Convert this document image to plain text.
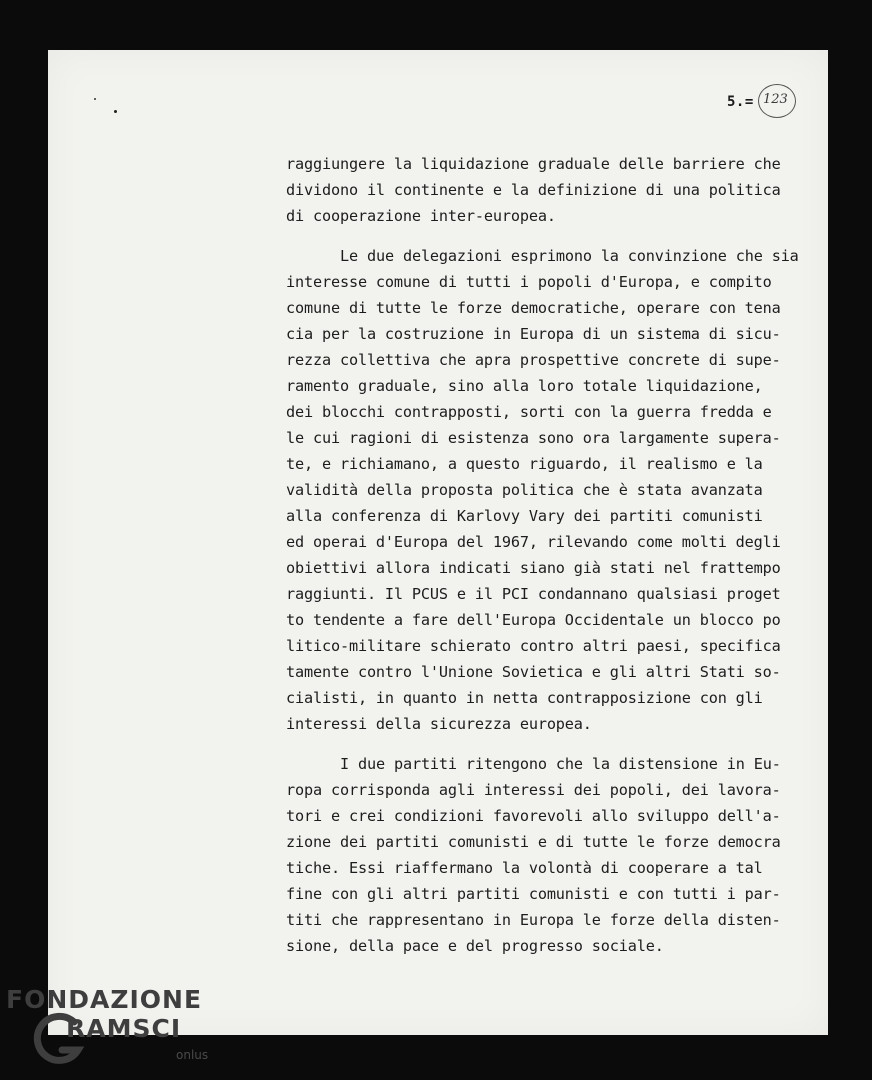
5.= 123
raggiungere la liquidazione graduale delle barriere che
dividono il continente e la definizione di una politica
di cooperazione inter-europea.
Le due delegazioni esprimono la convinzione che sia
interesse comune di tutti i popoli d'Europa, e compito
comune di tutte le forze democratiche, operare con tena
cia per la costruzione in Europa di un sistema di sicu-
rezza collettiva che apra prospettive concrete di supe-
ramento graduale, sino alla loro totale liquidazione,
dei blocchi contrapposti, sorti con la guerra fredda e
le cui ragioni di esistenza sono ora largamente supera-
te, e richiamano, a questo riguardo, il realismo e la
validità della proposta politica che è stata avanzata
alla conferenza di Karlovy Vary dei partiti comunisti
ed operai d'Europa del 1967, rilevando come molti degli
obiettivi allora indicati siano già stati nel frattempo
raggiunti. Il PCUS e il PCI condannano qualsiasi proget
to tendente a fare dell'Europa Occidentale un blocco po
litico-militare schierato contro altri paesi, specifica
tamente contro l'Unione Sovietica e gli altri Stati so-
cialisti, in quanto in netta contrapposizione con gli
interessi della sicurezza europea.
I due partiti ritengono che la distensione in Eu-
ropa corrisponda agli interessi dei popoli, dei lavora-
tori e crei condizioni favorevoli allo sviluppo dell'a-
zione dei partiti comunisti e di tutte le forze democra
tiche. Essi riaffermano la volontà di cooperare a tal
fine con gli altri partiti comunisti e con tutti i par-
titi che rappresentano in Europa le forze della disten-
sione, della pace e del progresso sociale.
FONDAZIONE
RAMSCI
onlus
